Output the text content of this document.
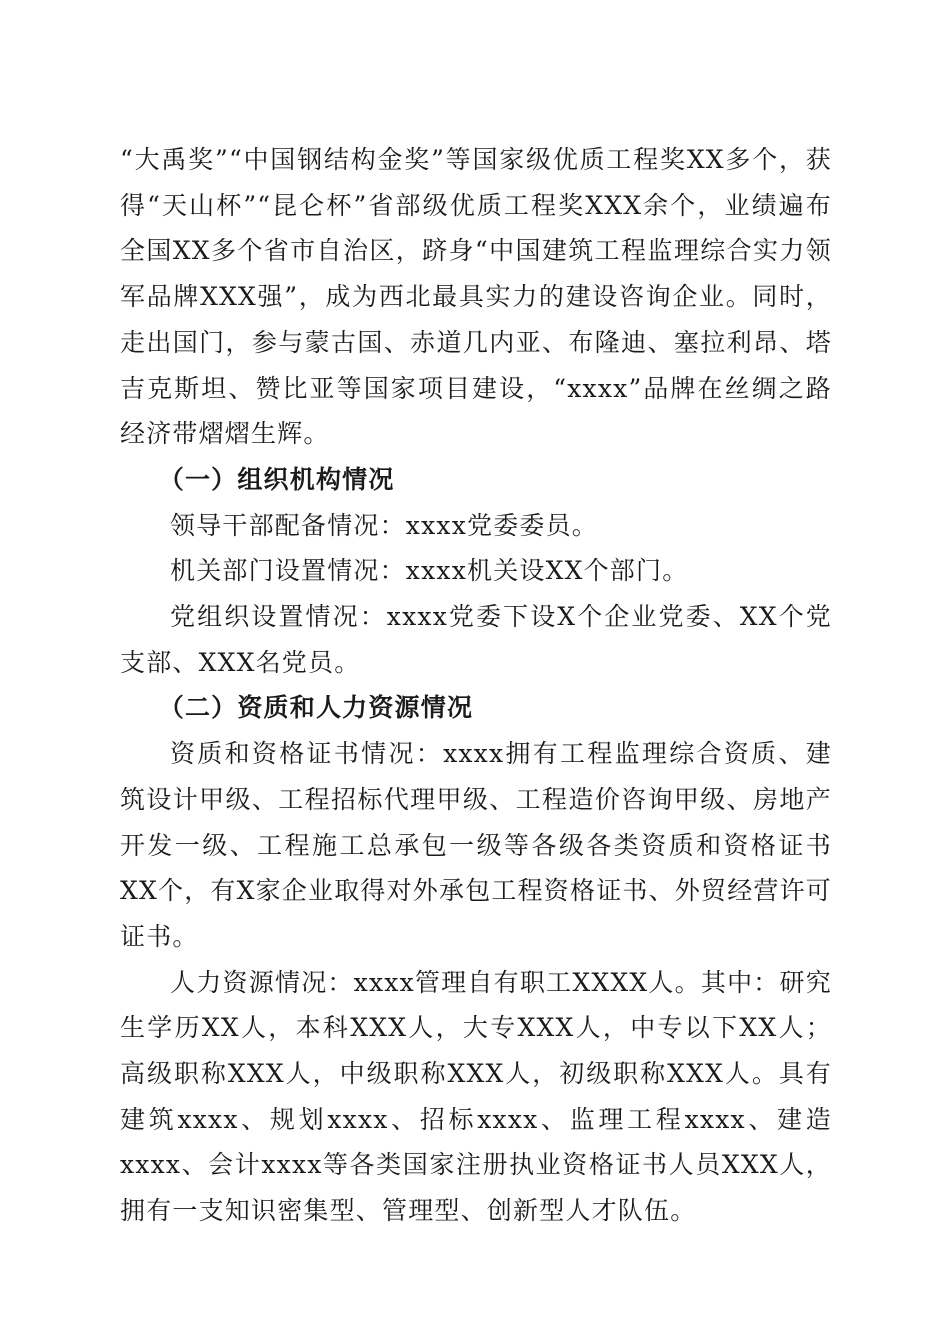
“大禹奖”“中国钢结构金奖”等国家级优质工程奖XX多个，获得“天山杯”“昆仑杯”省部级优质工程奖XXX余个，业绩遍布全国XX多个省市自治区，跻身“中国建筑工程监理综合实力领军品牌XXX强”，成为西北最具实力的建设咨询企业。同时，走出国门，参与蒙古国、赤道几内亚、布隆迪、塞拉利昂、塔吉克斯坦、赞比亚等国家项目建设，“xxxx”品牌在丝绸之路经济带熠熠生辉。

（一）组织机构情况

领导干部配备情况：xxxx党委委员。

机关部门设置情况：xxxx机关设XX个部门。

党组织设置情况：xxxx党委下设X个企业党委、XX个党支部、XXX名党员。

（二）资质和人力资源情况

资质和资格证书情况：xxxx拥有工程监理综合资质、建筑设计甲级、工程招标代理甲级、工程造价咨询甲级、房地产开发一级、工程施工总承包一级等各级各类资质和资格证书XX个，有X家企业取得对外承包工程资格证书、外贸经营许可证书。

人力资源情况：xxxx管理自有职工XXXX人。其中：研究生学历XX人，本科XXX人，大专XXX人，中专以下XX人；高级职称XXX人，中级职称XXX人，初级职称XXX人。具有建筑xxxx、规划xxxx、招标xxxx、监理工程xxxx、建造xxxx、会计xxxx等各类国家注册执业资格证书人员XXX人，拥有一支知识密集型、管理型、创新型人才队伍。
